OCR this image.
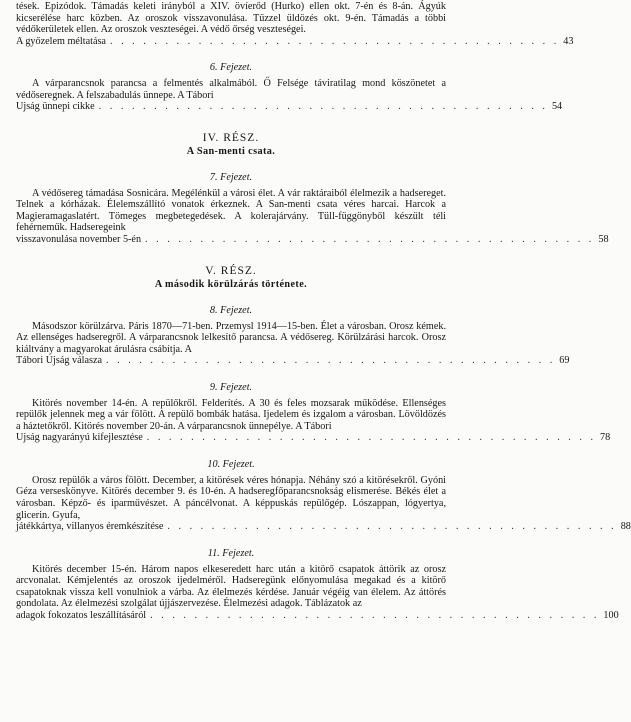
tések. Epizódok. Támadás keleti irányból a XIV. övíerőd (Hurko) ellen okt. 7-én és 8-án. Ágyúk kicserélése harc közben. Az oroszok visszavonulása. Tűzzel üldözés okt. 9-én. Támadás a többi védőkerületek ellen. Az oroszok veszteségei. A védő őrség veszteségei.

A győzelem méltatása . . . . . . . . . . . . . . . . . . . . . . . . . . . . . . . . . . . . . . . . . 43
6. Fejezet.

A várparancsnok parancsa a felmentés alkalmából. Ő Felsége táviratilag mond köszönetet a védőseregnek. A felszabadulás ünnepe. A Tábori

Ujság ünnepi cikke . . . . . . . . . . . . . . . . . . . . . . . . . . . . . . . . . . . . . . . . . 54
IV. RÉSZ.
A San-menti csata.
7. Fejezet.

A védősereg támadása Sosnicára. Megélénkül a városi élet. A vár raktáraiból élelmezik a hadsereget. Telnek a kórházak. Élelemszállító vonatok érkeznek. A San-menti csata véres harcai. Harcok a Magieramagaslatért. Tömeges megbetegedések. A kolerajárvány. Tüll-függönyből készült téli fehérneműk. Hadseregeink

visszavonulása november 5-én . . . . . . . . . . . . . . . . . . . . . . . . . . . . . . . . . . . . . . . . . 58
V. RÉSZ.
A második körülzárás története.
8. Fejezet.

Másodszor körülzárva. Páris 1870—71-ben. Przemysl 1914—15-ben. Élet a városban. Orosz kémek. Az ellenséges hadseregről. A várparancsnok lelkesítő parancsa. A védősereg. Körülzárási harcok. Orosz kiáltvány a magyarokat árulásra csábítja. A

Tábori Ujság válasza . . . . . . . . . . . . . . . . . . . . . . . . . . . . . . . . . . . . . . . . . 69
9. Fejezet.

Kitörés november 14-én. A repülőkről. Felderítés. A 30 és feles mozsarak működése. Ellenséges repülők jelennek meg a vár fölött. A repülő bombák hatása. Ijedelem és izgalom a városban. Lövöldözés a háztetőkről. Kitörés november 20-án. A várparancsnok ünnepélye. A Tábori

Ujság nagyarányú kifejlesztése . . . . . . . . . . . . . . . . . . . . . . . . . . . . . . . . . . . . . . . . . 78
10. Fejezet.

Orosz repülők a város fölött. December, a kitörések véres hónapja. Néhány szó a kitörésekről. Gyóni Géza verseskönyve. Kitörés december 9. és 10-én. A hadseregfőparancsnokság elismerése. Békés élet a városban. Képző- és iparművészet. A páncélvonat. A képpuskás repülőgép. Lószappan, lógyertya, glicerin. Gyufa,

játékkártya, villanyos éremkészítése . . . . . . . . . . . . . . . . . . . . . . . . . . . . . . . . . . . . . . . . . 88
11. Fejezet.

Kitörés december 15-én. Három napos elkeseredett harc után a kitörő csapatok áttörik az orosz arcvonalat. Kémjelentés az oroszok ijedelméről. Hadseregünk előnyomulása megakad és a kitörő csapatoknak vissza kell vonulniok a várba. Az élelmezés kérdése. Január végéig van élelem. Az áttörés gondolata. Az élelmezési szolgálat újjászervezése. Élelmezési adagok. Táblázatok az

adagok fokozatos leszállításáról . . . . . . . . . . . . . . . . . . . . . . . . . . . . . . . . . . . . . . . . . 100
